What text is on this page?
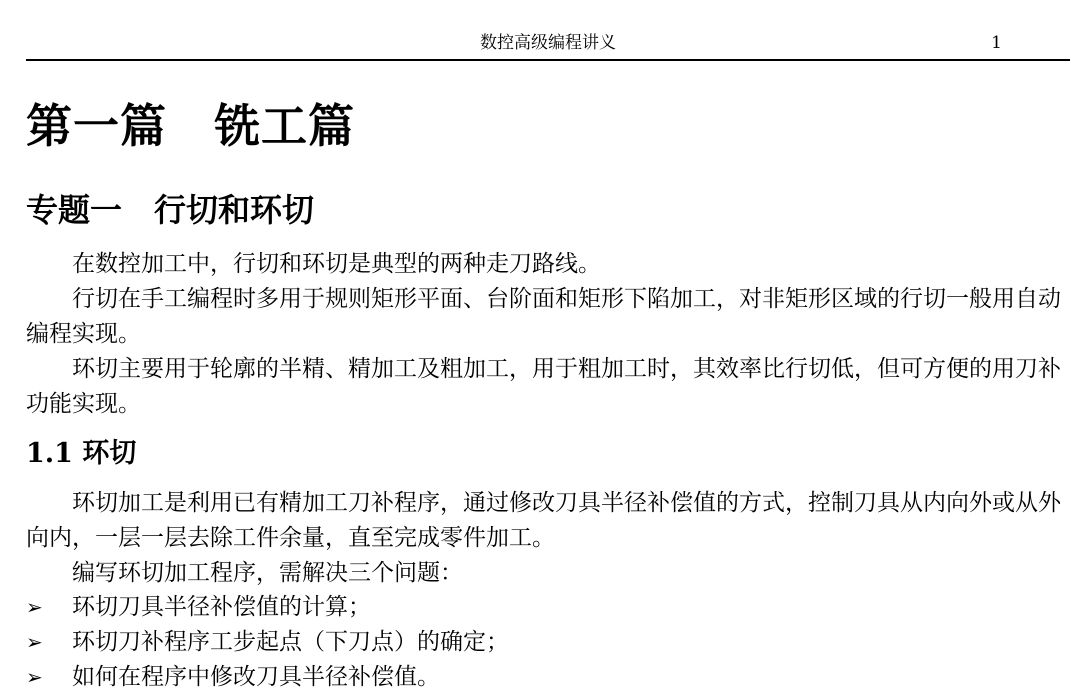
数控高级编程讲义	1
第一篇　铣工篇
专题一　行切和环切

在数控加工中，行切和环切是典型的两种走刀路线。

行切在手工编程时多用于规则矩形平面、台阶面和矩形下陷加工，对非矩形区域的行切一般用自动编程实现。

环切主要用于轮廓的半精、精加工及粗加工，用于粗加工时，其效率比行切低，但可方便的用刀补功能实现。

1.1 环切

环切加工是利用已有精加工刀补程序，通过修改刀具半径补偿值的方式，控制刀具从内向外或从外向内，一层一层去除工件余量，直至完成零件加工。

编写环切加工程序，需解决三个问题：

➢	环切刀具半径补偿值的计算；
➢	环切刀补程序工步起点（下刀点）的确定；
➢	如何在程序中修改刀具半径补偿值。
